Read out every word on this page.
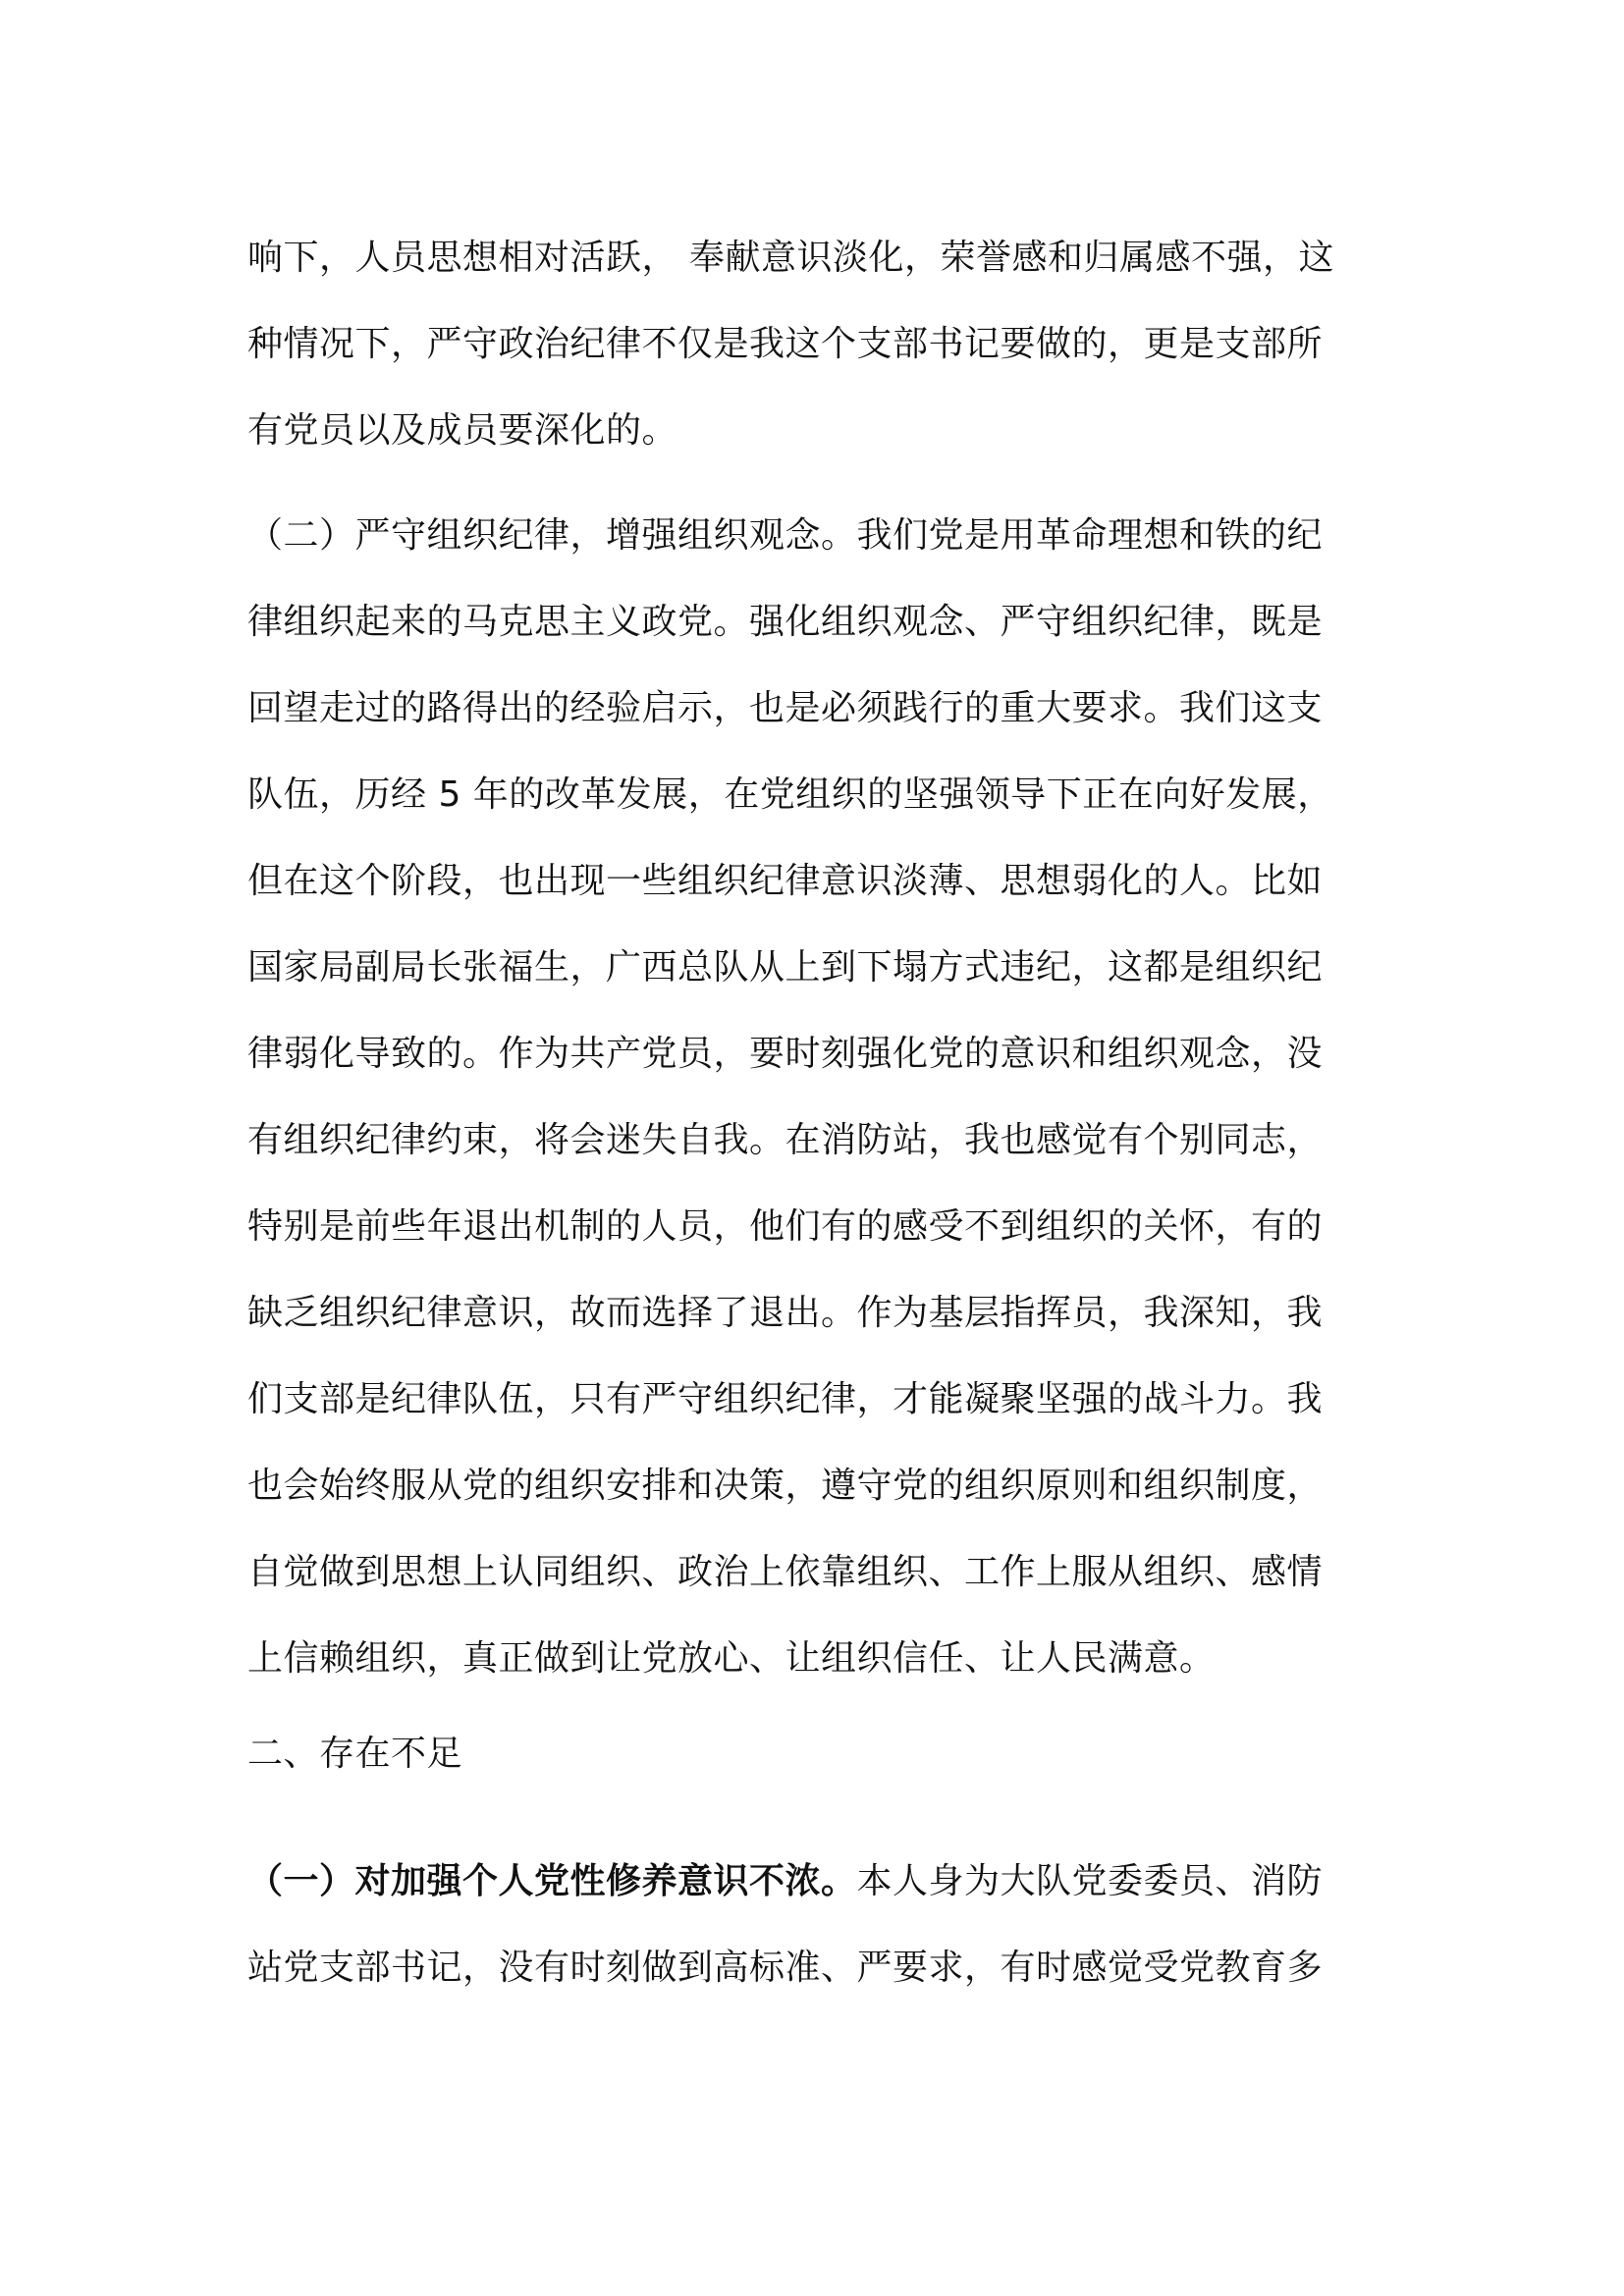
响下，人员思想相对活跃， 奉献意识淡化，荣誉感和归属感不强，这
种情况下，严守政治纪律不仅是我这个支部书记要做的，更是支部所
有党员以及成员要深化的。
（二）严守组织纪律，增强组织观念。我们党是用革命理想和铁的纪
律组织起来的马克思主义政党。强化组织观念、严守组织纪律，既是
回望走过的路得出的经验启示，也是必须践行的重大要求。我们这支
队伍，历经 5 年的改革发展，在党组织的坚强领导下正在向好发展，
但在这个阶段，也出现一些组织纪律意识淡薄、思想弱化的人。比如
国家局副局长张福生，广西总队从上到下塌方式违纪，这都是组织纪
律弱化导致的。作为共产党员，要时刻强化党的意识和组织观念，没
有组织纪律约束，将会迷失自我。在消防站，我也感觉有个别同志，
特别是前些年退出机制的人员，他们有的感受不到组织的关怀，有的
缺乏组织纪律意识，故而选择了退出。作为基层指挥员，我深知，我
们支部是纪律队伍，只有严守组织纪律，才能凝聚坚强的战斗力。我
也会始终服从党的组织安排和决策，遵守党的组织原则和组织制度，
自觉做到思想上认同组织、政治上依靠组织、工作上服从组织、感情
上信赖组织，真正做到让党放心、让组织信任、让人民满意。
二、存在不足
（一）对加强个人党性修养意识不浓。本人身为大队党委委员、消防
站党支部书记，没有时刻做到高标准、严要求，有时感觉受党教育多
